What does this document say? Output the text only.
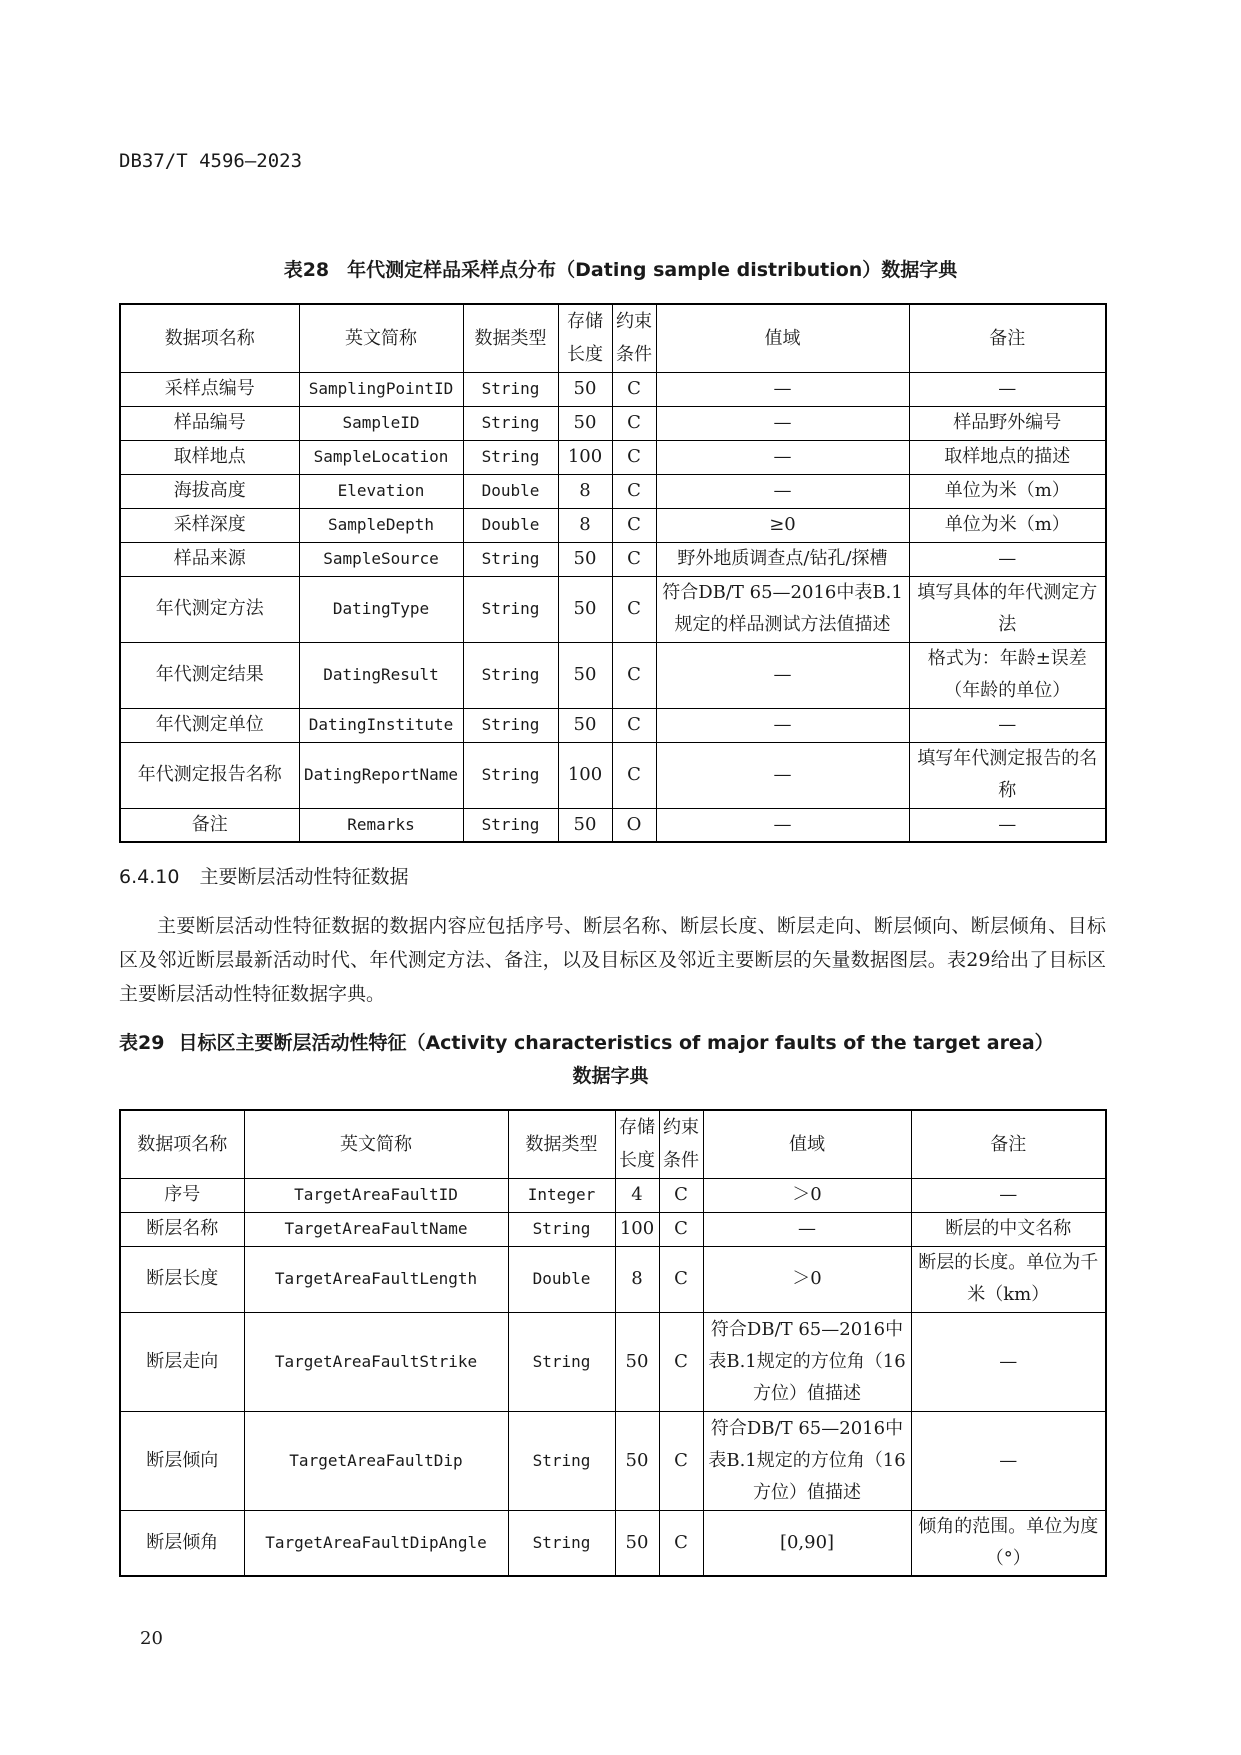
DB37/T 4596—2023
表28 年代测定样品采样点分布（Dating sample distribution）数据字典
数据项名称	英文简称	数据类型	存储长度	约束条件	值域	备注
采样点编号	SamplingPointID	String	50	C	—	—
样品编号	SampleID	String	50	C	—	样品野外编号
取样地点	SampleLocation	String	100	C	—	取样地点的描述
海拔高度	Elevation	Double	8	C	—	单位为米（m）
采样深度	SampleDepth	Double	8	C	≥0	单位为米（m）
样品来源	SampleSource	String	50	C	野外地质调查点/钻孔/探槽	—
年代测定方法	DatingType	String	50	C	符合DB/T 65—2016中表B.1规定的样品测试方法值描述	填写具体的年代测定方法
年代测定结果	DatingResult	String	50	C	—	格式为：年龄±误差（年龄的单位）
年代测定单位	DatingInstitute	String	50	C	—	—
年代测定报告名称	DatingReportName	String	100	C	—	填写年代测定报告的名称
备注	Remarks	String	50	O	—	—
6.4.10 主要断层活动性特征数据
主要断层活动性特征数据的数据内容应包括序号、断层名称、断层长度、断层走向、断层倾向、断层倾角、目标区及邻近断层最新活动时代、年代测定方法、备注，以及目标区及邻近主要断层的矢量数据图层。表29给出了目标区主要断层活动性特征数据字典。
表29 目标区主要断层活动性特征（Activity characteristics of major faults of the target area）
数据字典
数据项名称	英文简称	数据类型	存储长度	约束条件	值域	备注
序号	TargetAreaFaultID	Integer	4	C	＞0	—
断层名称	TargetAreaFaultName	String	100	C	—	断层的中文名称
断层长度	TargetAreaFaultLength	Double	8	C	＞0	断层的长度。单位为千米（km）
断层走向	TargetAreaFaultStrike	String	50	C	符合DB/T 65—2016中表B.1规定的方位角（16方位）值描述	—
断层倾向	TargetAreaFaultDip	String	50	C	符合DB/T 65—2016中表B.1规定的方位角（16方位）值描述	—
断层倾角	TargetAreaFaultDipAngle	String	50	C	[0,90]	倾角的范围。单位为度（°）
20
